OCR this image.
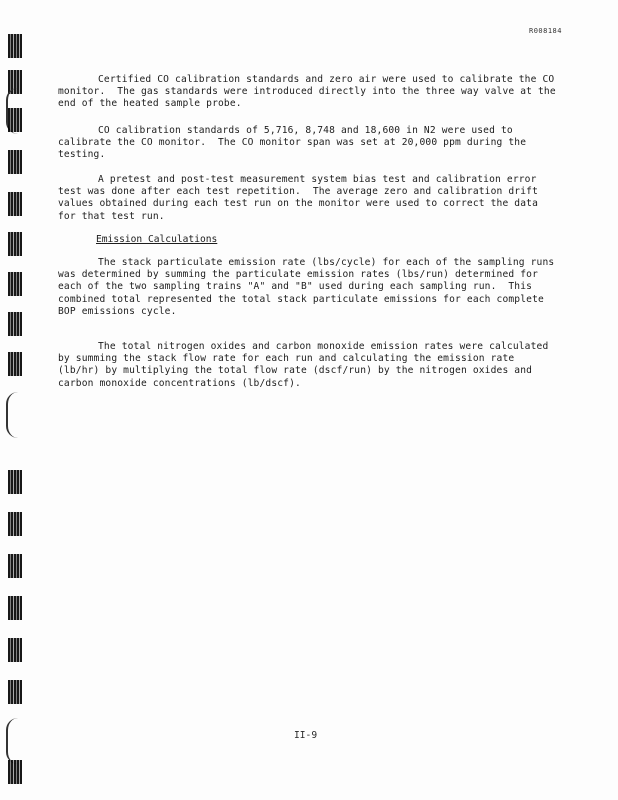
R008184

Certified CO calibration standards and zero air were used to calibrate the CO monitor.  The gas standards were introduced directly into the three way valve at the end of the heated sample probe.

CO calibration standards of 5,716, 8,748 and 18,600 in N2 were used to calibrate the CO monitor.  The CO monitor span was set at 20,000 ppm during the testing.

A pretest and post-test measurement system bias test and calibration error test was done after each test repetition.  The average zero and calibration drift values obtained during each test run on the monitor were used to correct the data for that test run.

Emission Calculations

The stack particulate emission rate (lbs/cycle) for each of the sampling runs was determined by summing the particulate emission rates (lbs/run) determined for each of the two sampling trains "A" and "B" used during each sampling run.  This combined total represented the total stack particulate emissions for each complete BOP emissions cycle.

The total nitrogen oxides and carbon monoxide emission rates were calculated by summing the stack flow rate for each run and calculating the emission rate (lb/hr) by multiplying the total flow rate (dscf/run) by the nitrogen oxides and carbon monoxide concentrations (lb/dscf).

II-9
